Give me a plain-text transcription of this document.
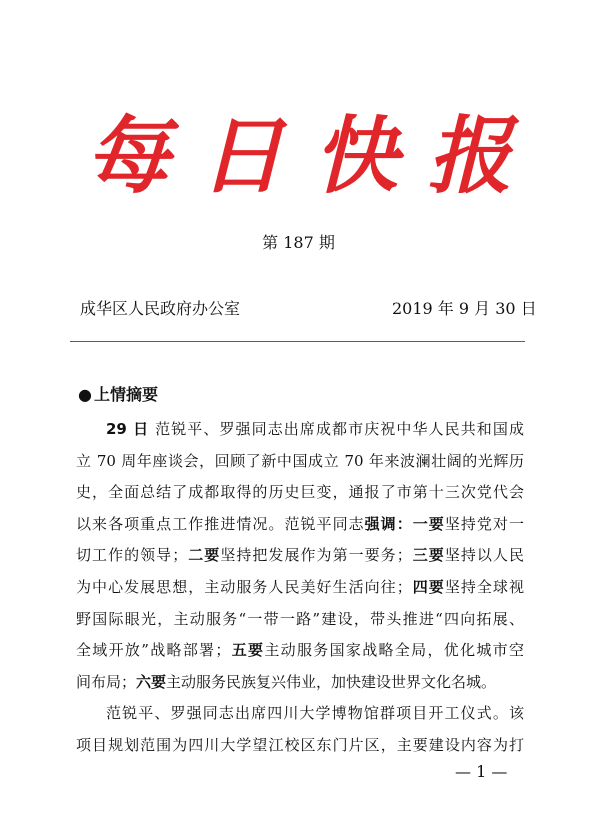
每日快报
第 187 期
成华区人民政府办公室	2019 年 9 月 30 日
● 上情摘要
29 日 范锐平、罗强同志出席成都市庆祝中华人民共和国成
立 70 周年座谈会，回顾了新中国成立 70 年来波澜壮阔的光辉历
史，全面总结了成都取得的历史巨变，通报了市第十三次党代会
以来各项重点工作推进情况。范锐平同志强调：一要坚持党对一
切工作的领导；二要坚持把发展作为第一要务；三要坚持以人民
为中心发展思想，主动服务人民美好生活向往；四要坚持全球视
野国际眼光，主动服务“一带一路”建设，带头推进“四向拓展、
全域开放”战略部署；五要主动服务国家战略全局，优化城市空
间布局；六要主动服务民族复兴伟业，加快建设世界文化名城。
范锐平、罗强同志出席四川大学博物馆群项目开工仪式。该
项目规划范围为四川大学望江校区东门片区，主要建设内容为打
— 1 —
